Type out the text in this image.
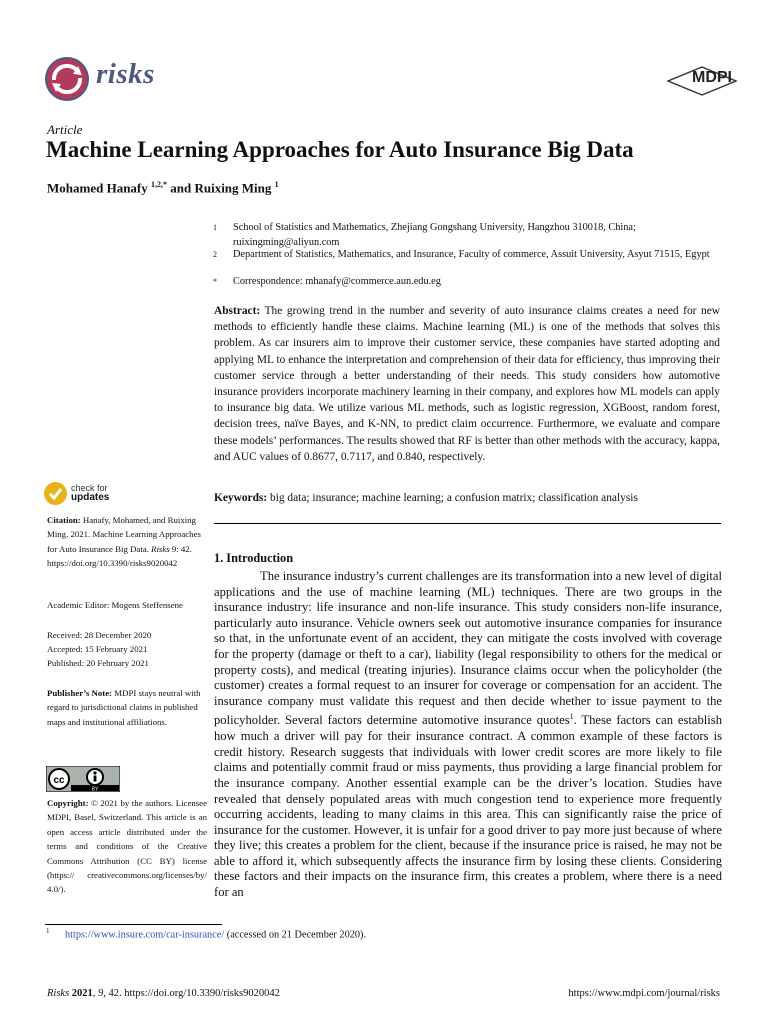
risks	MDPI
Article
Machine Learning Approaches for Auto Insurance Big Data
Mohamed Hanafy $^{1,2,*}$ and Ruixing Ming $^1$
1 School of Statistics and Mathematics, Zhejiang Gongshang University, Hangzhou 310018, China; ruixingming@aliyun.com
2 Department of Statistics, Mathematics, and Insurance, Faculty of commerce, Assuit University, Asyut 71515, Egypt
* Correspondence: mhanafy@commerce.aun.edu.eg
Abstract: The growing trend in the number and severity of auto insurance claims creates a need for new methods to efficiently handle these claims. Machine learning (ML) is one of the methods that solves this problem. As car insurers aim to improve their customer service, these companies have started adopting and applying ML to enhance the interpretation and comprehension of their data for efficiency, thus improving their customer service through a better understanding of their needs. This study considers how automotive insurance providers incorporate machinery learning in their company, and explores how ML models can apply to insurance big data. We utilize various ML methods, such as logistic regression, XGBoost, random forest, decision trees, naïve Bayes, and K-NN, to predict claim occurrence. Furthermore, we evaluate and compare these models’ performances. The results showed that RF is better than other methods with the accuracy, kappa, and AUC values of 0.8677, 0.7117, and 0.840, respectively.
Keywords: big data; insurance; machine learning; a confusion matrix; classification analysis
check for
updates
Citation: Hanafy, Mohamed, and Ruixing Ming. 2021. Machine Learning Approaches for Auto Insurance Big Data. Risks 9: 42. https://doi.org/10.3390/risks9020042
Academic Editor: Mogens Steffensene
Received: 28 December 2020
Accepted: 15 February 2021
Published: 20 February 2021
Publisher’s Note: MDPI stays neutral with regard to jurisdictional claims in published maps and institutional affiliations.
cc
BY
Copyright: © 2021 by the authors. Licensee MDPI, Basel, Switzerland. This article is an open access article distributed under the terms and conditions of the Creative Commons Attribution (CC BY) license (https:// creativecommons.org/licenses/by/ 4.0/).
1. Introduction
The insurance industry’s current challenges are its transformation into a new level of digital applications and the use of machine learning (ML) techniques. There are two groups in the insurance industry: life insurance and non-life insurance. This study considers non-life insurance, particularly auto insurance. Vehicle owners seek out automotive insurance companies for insurance so that, in the unfortunate event of an accident, they can mitigate the costs involved with coverage for the property (damage or theft to a car), liability (legal responsibility to others for the medical or property costs), and medical (treating injuries). Insurance claims occur when the policyholder (the customer) creates a formal request to an insurer for coverage or compensation for an accident. The insurance company must validate this request and then decide whether to issue payment to the policyholder. Several factors determine automotive insurance quotes$^1$. These factors can establish how much a driver will pay for their insurance contract. A common example of these factors is credit history. Research suggests that individuals with lower credit scores are more likely to file claims and potentially commit fraud or miss payments, thus providing a large financial problem for the insurance company. Another essential example can be the driver’s location. Studies have revealed that densely populated areas with much congestion tend to experience more frequently occurring accidents, leading to many claims in this area. This can significantly raise the price of insurance for the customer. However, it is unfair for a good driver to pay more just because of where they live; this creates a problem for the client, because if the insurance price is raised, he may not be able to afford it, which subsequently affects the insurance firm by losing these clients. Considering these factors and their impacts on the insurance firm, this creates a problem, where there is a need for an
$^1$ https://www.insure.com/car-insurance/ (accessed on 21 December 2020).
Risks 2021, 9, 42. https://doi.org/10.3390/risks9020042	https://www.mdpi.com/journal/risks
